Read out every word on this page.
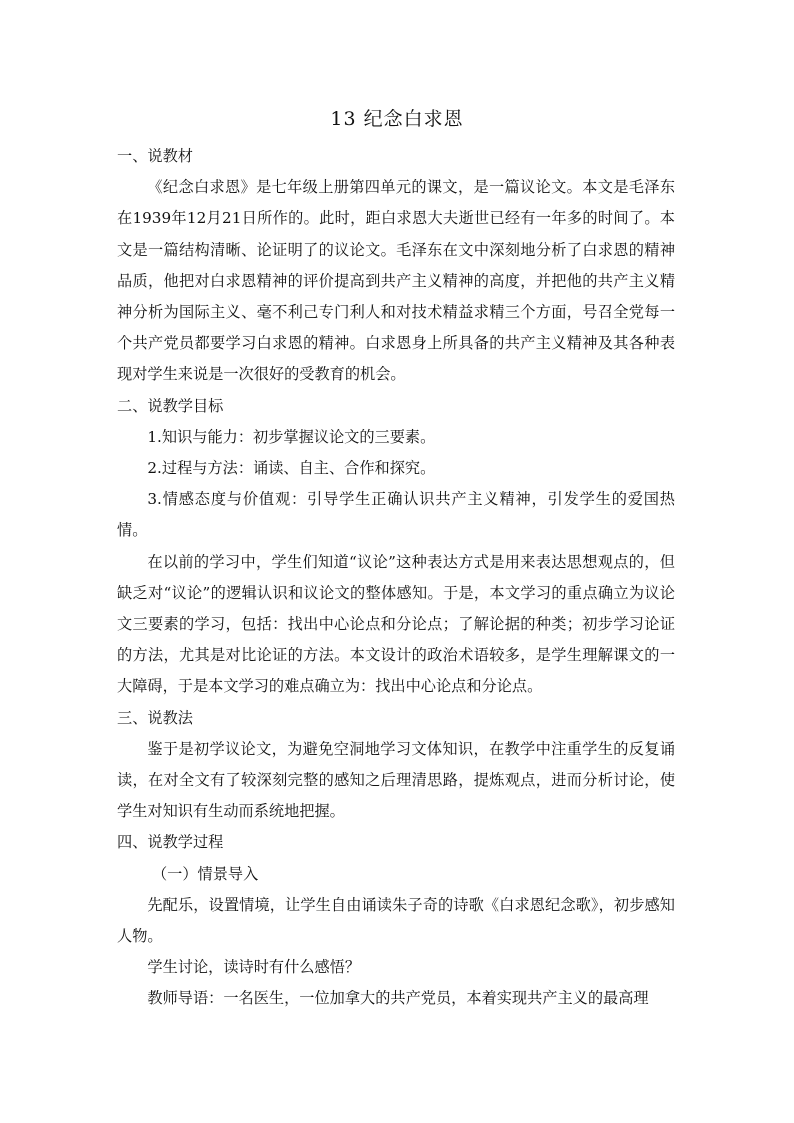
13 纪念白求恩

一、说教材

《纪念白求恩》是七年级上册第四单元的课文，是一篇议论文。本文是毛泽东在1939年12月21日所作的。此时，距白求恩大夫逝世已经有一年多的时间了。本文是一篇结构清晰、论证明了的议论文。毛泽东在文中深刻地分析了白求恩的精神品质，他把对白求恩精神的评价提高到共产主义精神的高度，并把他的共产主义精神分析为国际主义、毫不利己专门利人和对技术精益求精三个方面，号召全党每一个共产党员都要学习白求恩的精神。白求恩身上所具备的共产主义精神及其各种表现对学生来说是一次很好的受教育的机会。

二、说教学目标

1.知识与能力：初步掌握议论文的三要素。

2.过程与方法：诵读、自主、合作和探究。

3.情感态度与价值观：引导学生正确认识共产主义精神，引发学生的爱国热情。

在以前的学习中，学生们知道“议论”这种表达方式是用来表达思想观点的，但缺乏对“议论”的逻辑认识和议论文的整体感知。于是，本文学习的重点确立为议论文三要素的学习，包括：找出中心论点和分论点；了解论据的种类；初步学习论证的方法，尤其是对比论证的方法。本文设计的政治术语较多，是学生理解课文的一大障碍，于是本文学习的难点确立为：找出中心论点和分论点。

三、说教法

鉴于是初学议论文，为避免空洞地学习文体知识，在教学中注重学生的反复诵读，在对全文有了较深刻完整的感知之后理清思路，提炼观点，进而分析讨论，使学生对知识有生动而系统地把握。

四、说教学过程

（一）情景导入

先配乐，设置情境，让学生自由诵读朱子奇的诗歌《白求恩纪念歌》，初步感知人物。

学生讨论，读诗时有什么感悟？

教师导语：一名医生，一位加拿大的共产党员，本着实现共产主义的最高理
